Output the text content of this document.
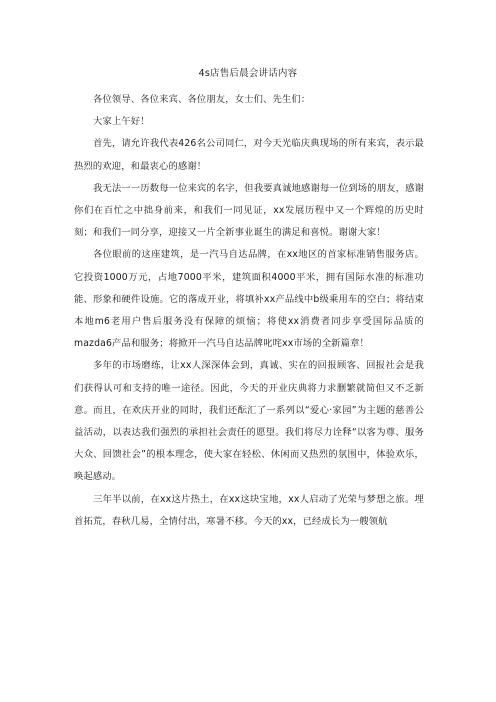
4s店售后晨会讲话内容

各位领导、各位来宾、各位朋友，女士们、先生们：

大家上午好！

首先，请允许我代表426名公司同仁，对今天光临庆典现场的所有来宾，表示最热烈的欢迎，和最衷心的感谢！

我无法一一历数每一位来宾的名字，但我要真诚地感谢每一位到场的朋友，感谢你们在百忙之中拙身前来，和我们一同见证，xx发展历程中又一个辉煌的历史时刻；和我们一同分享，迎接又一片全新事业诞生的满足和喜悦。谢谢大家！

各位眼前的这座建筑，是一汽马自达品牌，在xx地区的首家标准销售服务店。它投资1000万元，占地7000平米，建筑面积4000平米，拥有国际水准的标准功能、形象和硬件设施。它的落成开业，将填补xx产品线中b级乘用车的空白；将结束本地m6老用户售后服务没有保障的烦恼；将使xx消费者同步享受国际品质的mazda6产品和服务；将掀开一汽马自达品牌叱咤xx市场的全新篇章！

多年的市场磨练，让xx人深深体会到，真诚、实在的回报顾客、回报社会是我们获得认可和支持的唯一途径。因此，今天的开业庆典将力求删繁就简但又不乏新意。而且，在欢庆开业的同时，我们还酝汇了一系列以“爱心·家园”为主题的慈善公益活动，以表达我们强烈的承担社会责任的愿望。我们将尽力诠释“以客为尊、服务大众、回馈社会”的根本理念，使大家在轻松、休闲而又热烈的氛围中，体验欢乐，唤起感动。

三年半以前，在xx这片热土，在xx这块宝地，xx人启动了光荣与梦想之旅。埋首拓荒，春秋几易，全情付出，寒暑不移。今天的xx，已经成长为一艘领航
